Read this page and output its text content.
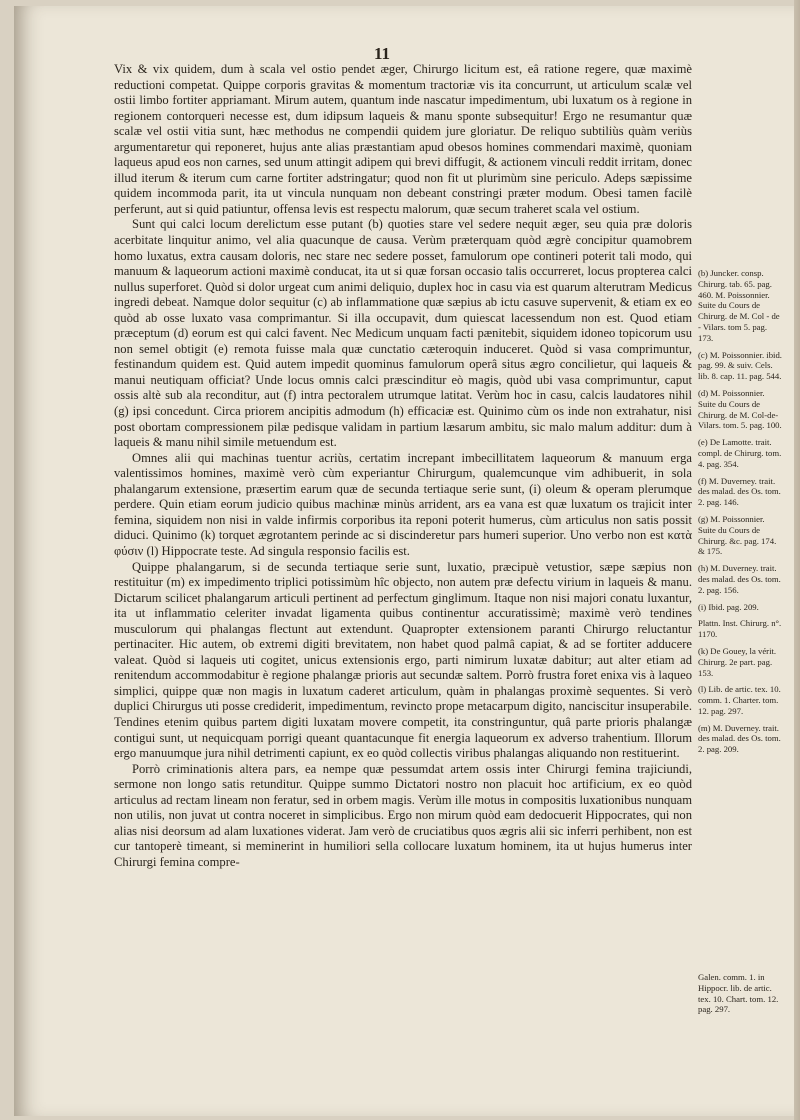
11

Vix & vix quidem, dum à scala vel ostio pendet æger, Chirurgo licitum est, eâ ratione regere, quæ maximè reductioni competat. Quippe corporis gravitas & momentum tractoriæ vis ita concurrunt, ut articulum scalæ vel ostii limbo fortiter appriamant. Mirum autem, quantum inde nascatur impedimentum, ubi luxatum os à regione in regionem contorqueri necesse est, dum idipsum laqueis & manu sponte subsequitur! Ergo ne resumantur quæ scalæ vel ostii vitia sunt, hæc methodus ne compendii quidem jure gloriatur. De reliquo subtiliùs quàm veriùs argumentaretur qui reponeret, hujus ante alias præstantiam apud obesos homines commendari maximè, quoniam laqueus apud eos non carnes, sed unum attingit adipem qui brevi diffugit, & actionem vinculi reddit irritam, donec illud iterum & iterum cum carne fortiter adstringatur; quod non fit ut plurimùm sine periculo. Adeps sæpissime quidem incommoda parit, ita ut vincula nunquam non debeant constringi præter modum. Obesi tamen facilè perferunt, aut si quid patiuntur, offensa levis est respectu malorum, quæ secum traheret scala vel ostium.

Sunt qui calci locum derelictum esse putant (b) quoties stare vel sedere nequit æger, seu quia præ doloris acerbitate linquitur animo, vel alia quacunque de causa. Verùm præterquam quòd ægrè concipitur quamobrem homo luxatus, extra causam doloris, nec stare nec sedere posset, famulorum ope contineri poterit tali modo, qui manuum & laqueorum actioni maximè conducat, ita ut si quæ forsan occasio talis occurreret, locus propterea calci nullus superforet. Quòd si dolor urgeat cum animi deliquio, duplex hoc in casu via est quarum alterutram Medicus ingredi debeat. Namque dolor sequitur (c) ab inflammatione quæ sæpius ab ictu casuve supervenit, & etiam ex eo quòd ab osse luxato vasa comprimantur. Si illa occupavit, dum quiescat lacessendum non est. Quod etiam præceptum (d) eorum est qui calci favent. Nec Medicum unquam facti pænitebit, siquidem idoneo topicorum usu non semel obtigit (e) remota fuisse mala quæ cunctatio cæteroquin induceret. Quòd si vasa comprimuntur, festinandum quidem est. Quid autem impedit quominus famulorum operâ situs ægro concilietur, qui laqueis & manui neutiquam officiat? Unde locus omnis calci præscinditur eò magis, quòd ubi vasa comprimuntur, caput ossis altè sub ala reconditur, aut (f) intra pectoralem utrumque latitat. Verùm hoc in casu, calcis laudatores nihil (g) ipsi concedunt. Circa priorem ancipitis admodum (h) efficaciæ est. Quinimo cùm os inde non extrahatur, nisi post obortam compressionem pilæ pedisque validam in partium læsarum ambitu, sic malo malum additur: dum à laqueis & manu nihil simile metuendum est.

Omnes alii qui machinas tuentur acriùs, certatim increpant imbecillitatem laqueorum & manuum erga valentissimos homines, maximè verò cùm experiantur Chirurgum, qualemcunque vim adhibuerit, in sola phalangarum extensione, præsertim earum quæ de secunda tertiaque serie sunt, (i) oleum & operam plerumque perdere. Quin etiam eorum judicio quibus machinæ minùs arrident, ars ea vana est quæ luxatum os trajicit inter femina, siquidem non nisi in valde infirmis corporibus ita reponi poterit humerus, cùm articulus non satis possit diduci. Quinimo (k) torquet ægrotantem perinde ac si discinderetur pars humeri superior. Uno verbo non est κατὰ φύσιν (l) Hippocrate teste. Ad singula responsio facilis est.

Quippe phalangarum, si de secunda tertiaque serie sunt, luxatio, præcipuè vetustior, sæpe sæpius non restituitur (m) ex impedimento triplici potissimùm hîc objecto, non autem præ defectu virium in laqueis & manu. Dictarum scilicet phalangarum articuli pertinent ad perfectum ginglimum. Itaque non nisi majori conatu luxantur, ita ut inflammatio celeriter invadat ligamenta quibus continentur accuratissimè; maximè verò tendines musculorum qui phalangas flectunt aut extendunt. Quapropter extensionem paranti Chirurgo reluctantur pertinaciter. Hic autem, ob extremi digiti brevitatem, non habet quod palmâ capiat, & ad se fortiter adducere valeat. Quòd si laqueis uti cogitet, unicus extensionis ergo, parti nimirum luxatæ dabitur; aut alter etiam ad renitendum accommodabitur è regione phalangæ prioris aut secundæ saltem. Porrò frustra foret enixa vis à laqueo simplici, quippe quæ non magis in luxatum caderet articulum, quàm in phalangas proximè sequentes. Si verò duplici Chirurgus uti posse crediderit, impedimentum, revincto prope metacarpum digito, nanciscitur insuperabile. Tendines etenim quibus partem digiti luxatam movere competit, ita constringuntur, quâ parte prioris phalangæ contigui sunt, ut nequicquam porrigi queant quantacunque fit energia laqueorum ex adverso trahentium. Illorum ergo manuumque jura nihil detrimenti capiunt, ex eo quòd collectis viribus phalangas aliquando non restituerint.

Porrò criminationis altera pars, ea nempe quæ pessumdat artem ossis inter Chirurgi femina trajiciundi, sermone non longo satis retunditur. Quippe summo Dictatori nostro non placuit hoc artificium, ex eo quòd articulus ad rectam lineam non feratur, sed in orbem magis. Verùm ille motus in compositis luxationibus nunquam non utilis, non juvat ut contra noceret in simplicibus. Ergo non mirum quòd eam dedocuerit Hippocrates, qui non alias nisi deorsum ad alam luxationes viderat. Jam verò de cruciatibus quos ægris alii sic inferri perhibent, non est cur tantoperè timeant, si meminerint in humiliori sella collocare luxatum hominem, ita ut hujus humerus inter Chirurgi femina compre-

(b) Juncker. consp. Chirurg. tab. 65. pag. 460. M. Poissonnier. Suite du Cours de Chirurg. de M. Col - de - Vilars. tom 5. pag. 173.

(c) M. Poissonnier. ibid. pag. 99. & suiv. Cels. lib. 8. cap. 11. pag. 544.

(d) M. Poissonnier. Suite du Cours de Chirurg. de M. Col-de-Vilars. tom. 5. pag. 100.

(e) De Lamotte. trait. compl. de Chirurg. tom. 4. pag. 354.

(f) M. Duverney. trait. des malad. des Os. tom. 2. pag. 146.

(g) M. Poissonnier. Suite du Cours de Chirurg. &c. pag. 174. & 175.

(h) M. Duverney. trait. des malad. des Os. tom. 2. pag. 156.

(i) Ibid. pag. 209.

Plattn. Inst. Chirurg. n°. 1170.

(k) De Gouey, la vérit. Chirurg. 2e part. pag. 153.

(l) Lib. de artic. tex. 10. comm. 1. Charter. tom. 12. pag. 297.

(m) M. Duverney. trait. des malad. des Os. tom. 2. pag. 209.

Galen. comm. 1. in Hippocr. lib. de artic. tex. 10. Chart. tom. 12. pag. 297.
